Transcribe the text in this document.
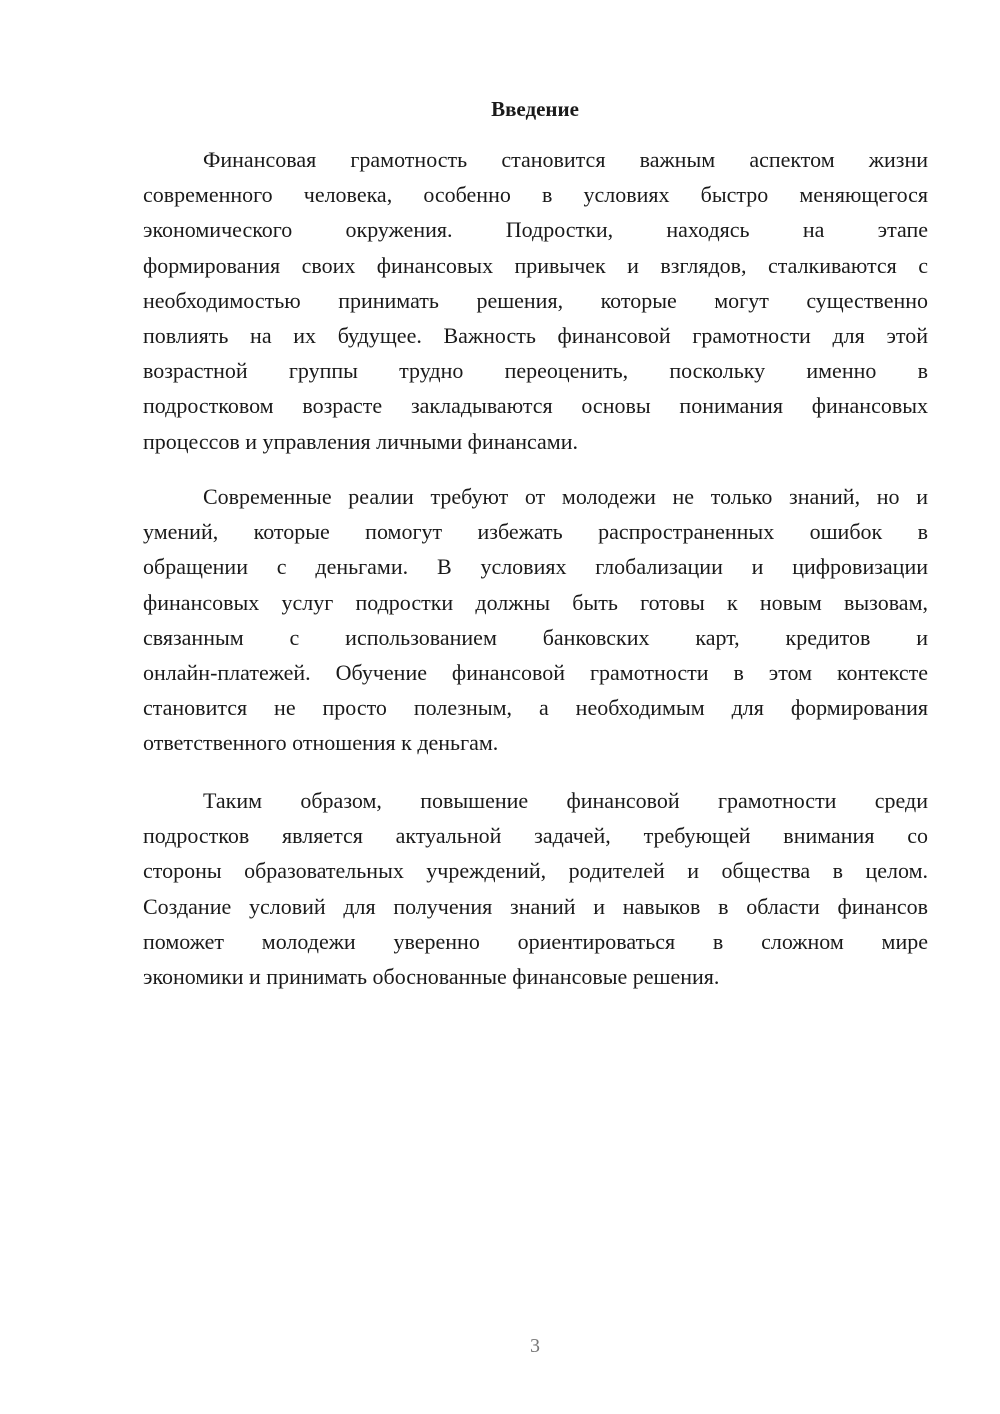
Введение
Финансовая грамотность становится важным аспектом жизни
современного человека, особенно в условиях быстро меняющегося
экономического окружения. Подростки, находясь на этапе
формирования своих финансовых привычек и взглядов, сталкиваются с
необходимостью принимать решения, которые могут существенно
повлиять на их будущее. Важность финансовой грамотности для этой
возрастной группы трудно переоценить, поскольку именно в
подростковом возрасте закладываются основы понимания финансовых
процессов и управления личными финансами.
Современные реалии требуют от молодежи не только знаний, но и
умений, которые помогут избежать распространенных ошибок в
обращении с деньгами. В условиях глобализации и цифровизации
финансовых услуг подростки должны быть готовы к новым вызовам,
связанным с использованием банковских карт, кредитов и
онлайн-платежей. Обучение финансовой грамотности в этом контексте
становится не просто полезным, а необходимым для формирования
ответственного отношения к деньгам.
Таким образом, повышение финансовой грамотности среди
подростков является актуальной задачей, требующей внимания со
стороны образовательных учреждений, родителей и общества в целом.
Создание условий для получения знаний и навыков в области финансов
поможет молодежи уверенно ориентироваться в сложном мире
экономики и принимать обоснованные финансовые решения.
3
